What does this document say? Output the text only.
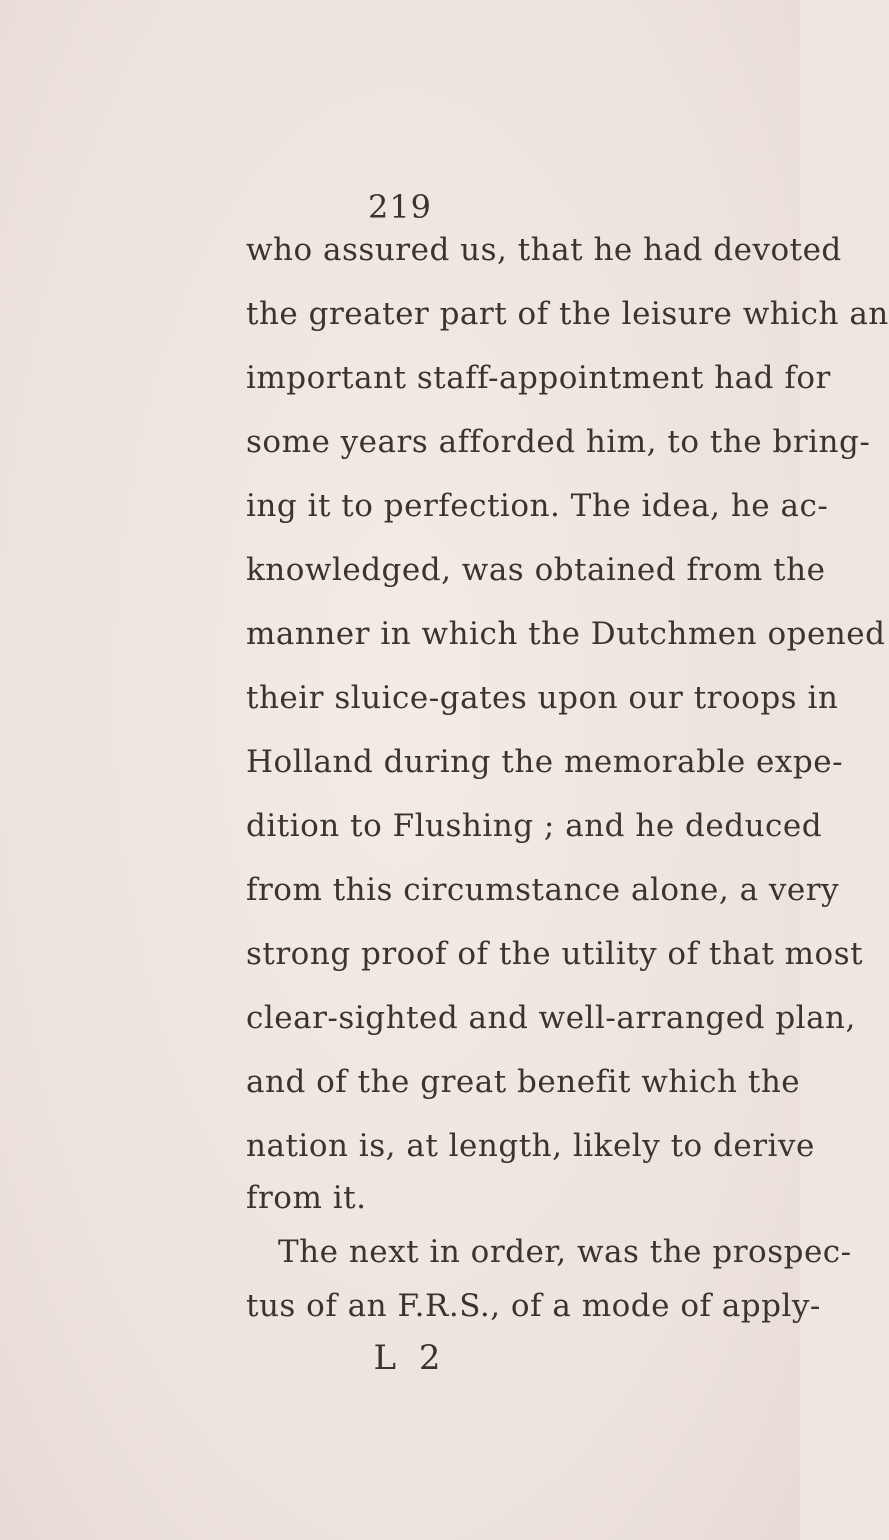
219
who assured us, that he had devoted
the greater part of the leisure which an
important staff-appointment had for
some years afforded him, to the bring-
ing it to perfection. The idea, he ac-
knowledged, was obtained from the
manner in which the Dutchmen opened
their sluice-gates upon our troops in
Holland during the memorable expe-
dition to Flushing ; and he deduced
from this circumstance alone, a very
strong proof of the utility of that most
clear-sighted and well-arranged plan,
and of the great benefit which the
nation is, at length, likely to derive
from it.
The next in order, was the prospec-
tus of an F.R.S., of a mode of apply-
L 2
